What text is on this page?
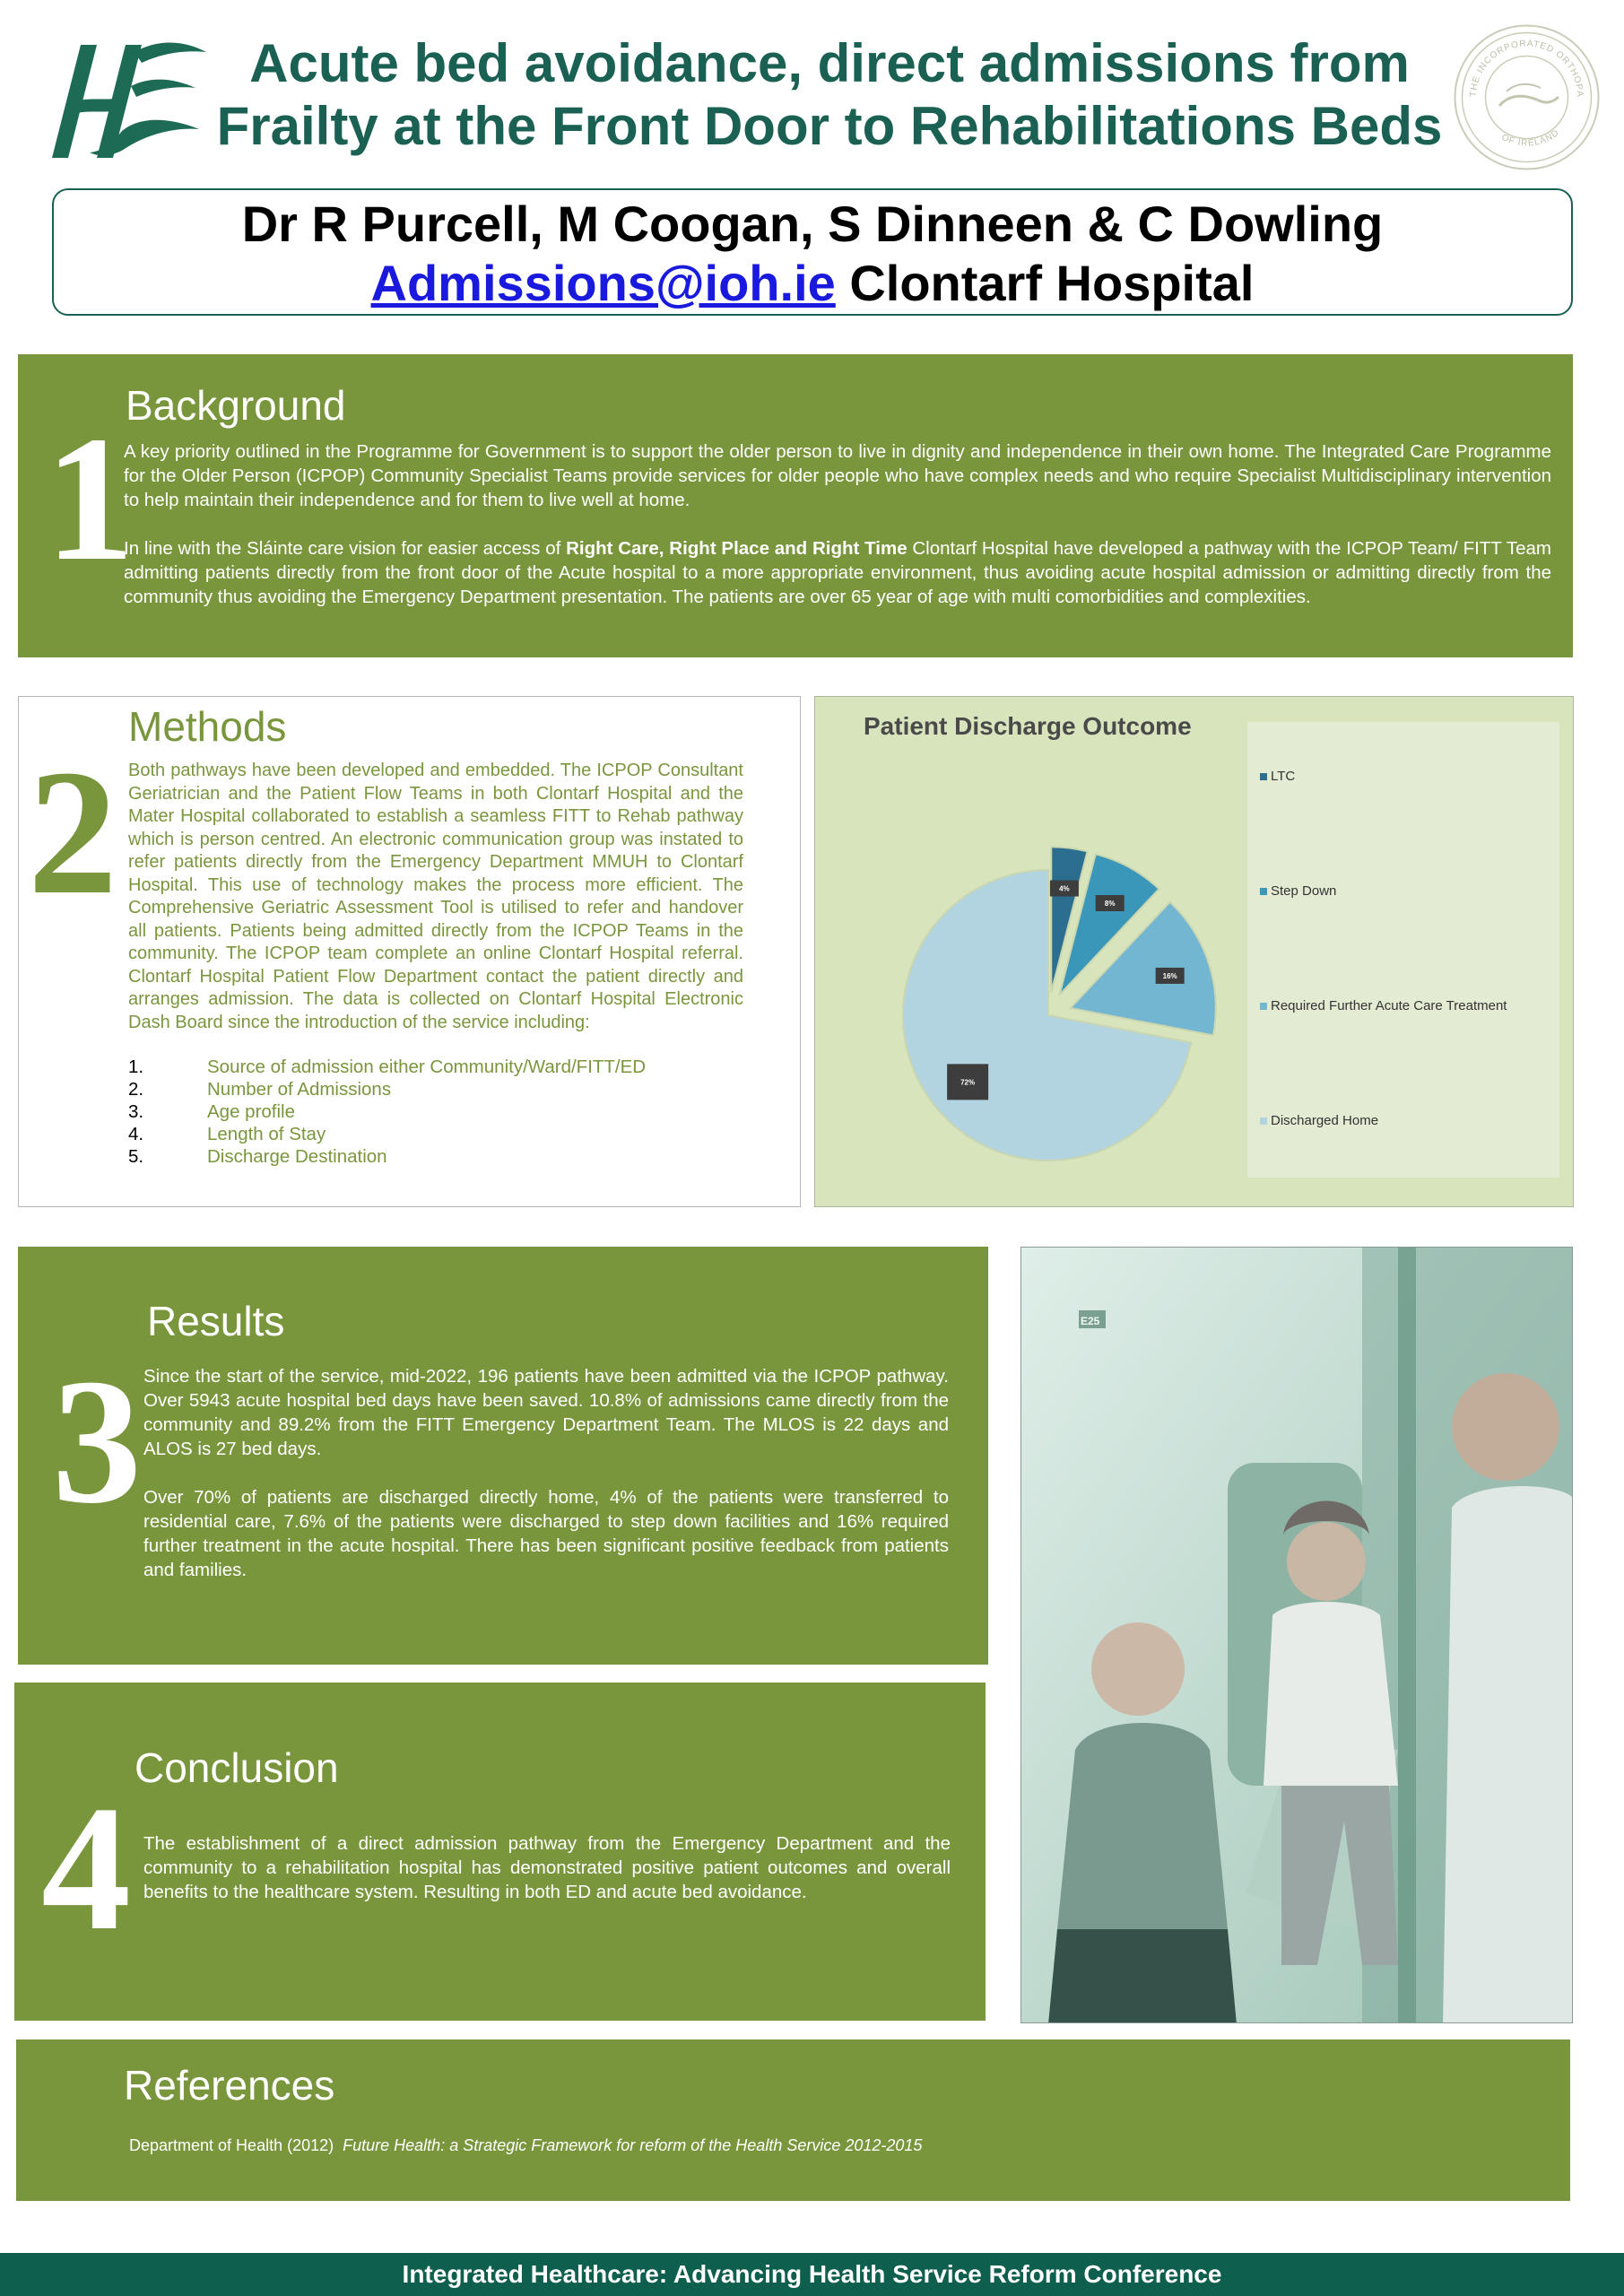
Acute bed avoidance, direct admissions from
Frailty at the Front Door to Rehabilitations Beds
THE INCORPORATED ORTHOPA
OF IRELAND
Dr R Purcell, M Coogan, S Dinneen & C Dowling
Admissions@ioh.ie Clontarf Hospital
1
Background

A key priority outlined in the Programme for Government is to support the older person to live in dignity and independence in their own home. The Integrated Care Programme for the Older Person (ICPOP) Community Specialist Teams provide services for older people who have complex needs and who require Specialist Multidisciplinary intervention to help maintain their independence and for them to live well at home.

In line with the Sláinte care vision for easier access of Right Care, Right Place and Right Time Clontarf Hospital have developed a pathway with the ICPOP Team/ FITT Team admitting patients directly from the front door of the Acute hospital to a more appropriate environment, thus avoiding acute hospital admission or admitting directly from the community thus avoiding the Emergency Department presentation. The patients are over 65 year of age with multi comorbidities and complexities.

2
Methods
Both pathways have been developed and embedded. The ICPOP Consultant Geriatrician and the Patient Flow Teams in both Clontarf Hospital and the Mater Hospital collaborated to establish a seamless FITT to Rehab pathway which is person centred. An electronic communication group was instated to refer patients directly from the Emergency Department MMUH to Clontarf Hospital. This use of technology makes the process more efficient. The Comprehensive Geriatric Assessment Tool is utilised to refer and handover all patients. Patients being admitted directly from the ICPOP Teams in the community. The ICPOP team complete an online Clontarf Hospital referral. Clontarf Hospital Patient Flow Department contact the patient directly and arranges admission. The data is collected on Clontarf Hospital Electronic Dash Board since the introduction of the service including:
1.	Source of admission either Community/Ward/FITT/ED
2.	Number of Admissions
3.	Age profile
4.	Length of Stay
5.	Discharge Destination
Patient Discharge Outcome
4%
8%
16%
72%
LTC
Step Down
Required Further Acute Care Treatment
Discharged Home
3
Results

Since the start of the service, mid-2022, 196 patients have been admitted via the ICPOP pathway. Over 5943 acute hospital bed days have been saved. 10.8% of admissions came directly from the community and 89.2% from the FITT Emergency Department Team. The MLOS is 22 days and ALOS is 27 bed days.

Over 70% of patients are discharged directly home, 4% of the patients were transferred to residential care, 7.6% of the patients were discharged to step down facilities and 16% required further treatment in the acute hospital. There has been significant positive feedback from patients and families.

E25
4
Conclusion
The establishment of a direct admission pathway from the Emergency Department and the community to a rehabilitation hospital has demonstrated positive patient outcomes and overall benefits to the healthcare system. Resulting in both ED and acute bed avoidance.
References
Department of Health (2012) Future Health: a Strategic Framework for reform of the Health Service 2012-2015
Integrated Healthcare: Advancing Health Service Reform Conference
